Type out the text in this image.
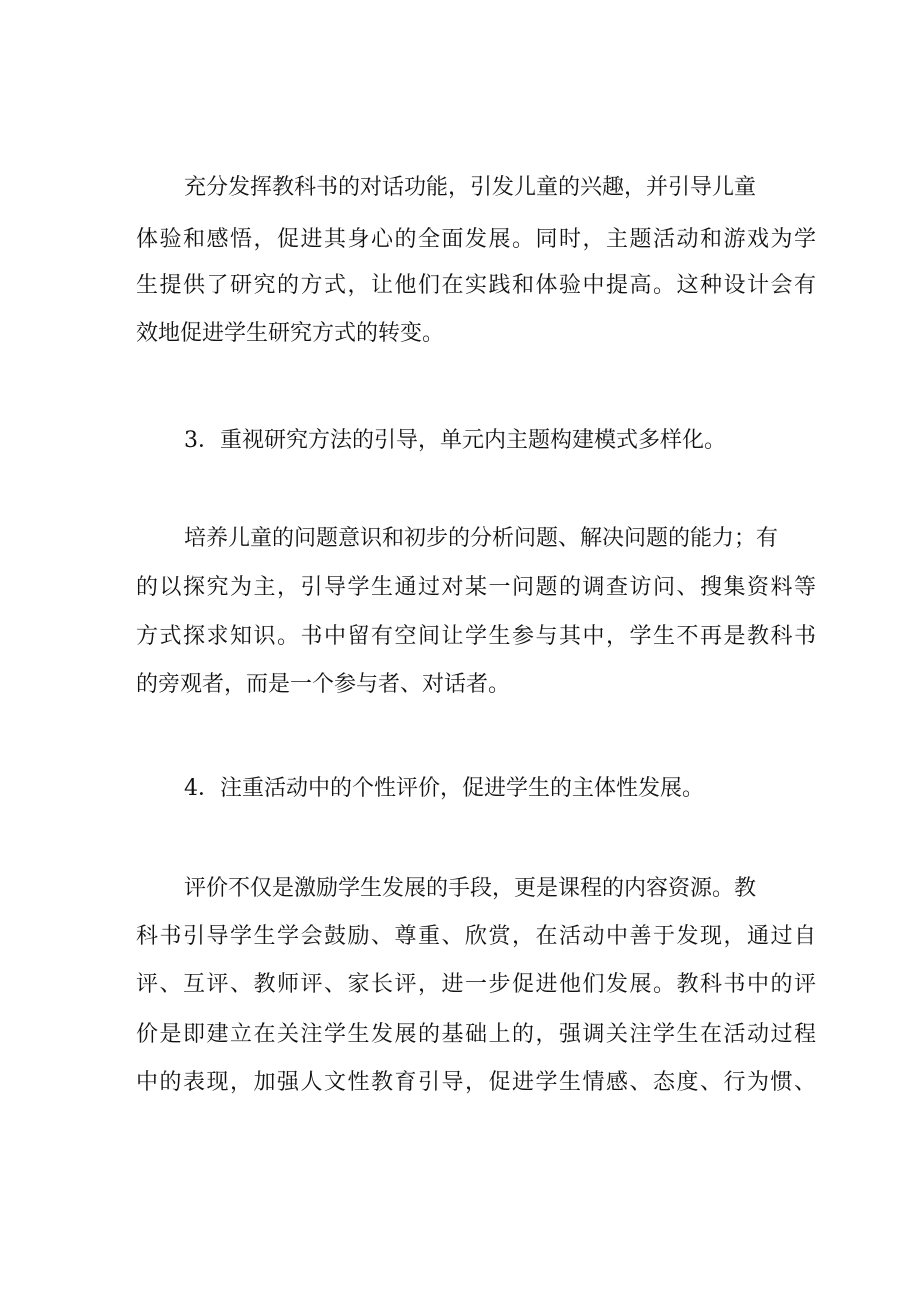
充分发挥教科书的对话功能，引发儿童的兴趣，并引导儿童
体验和感悟，促进其身心的全面发展。同时，主题活动和游戏为学
生提供了研究的方式，让他们在实践和体验中提高。这种设计会有
效地促进学生研究方式的转变。
3．重视研究方法的引导，单元内主题构建模式多样化。
培养儿童的问题意识和初步的分析问题、解决问题的能力；有
的以探究为主，引导学生通过对某一问题的调查访问、搜集资料等
方式探求知识。书中留有空间让学生参与其中，学生不再是教科书
的旁观者，而是一个参与者、对话者。
4．注重活动中的个性评价，促进学生的主体性发展。
评价不仅是激励学生发展的手段，更是课程的内容资源。教
科书引导学生学会鼓励、尊重、欣赏，在活动中善于发现，通过自
评、互评、教师评、家长评，进一步促进他们发展。教科书中的评
价是即建立在关注学生发展的基础上的，强调关注学生在活动过程
中的表现，加强人文性教育引导，促进学生情感、态度、行为惯、
